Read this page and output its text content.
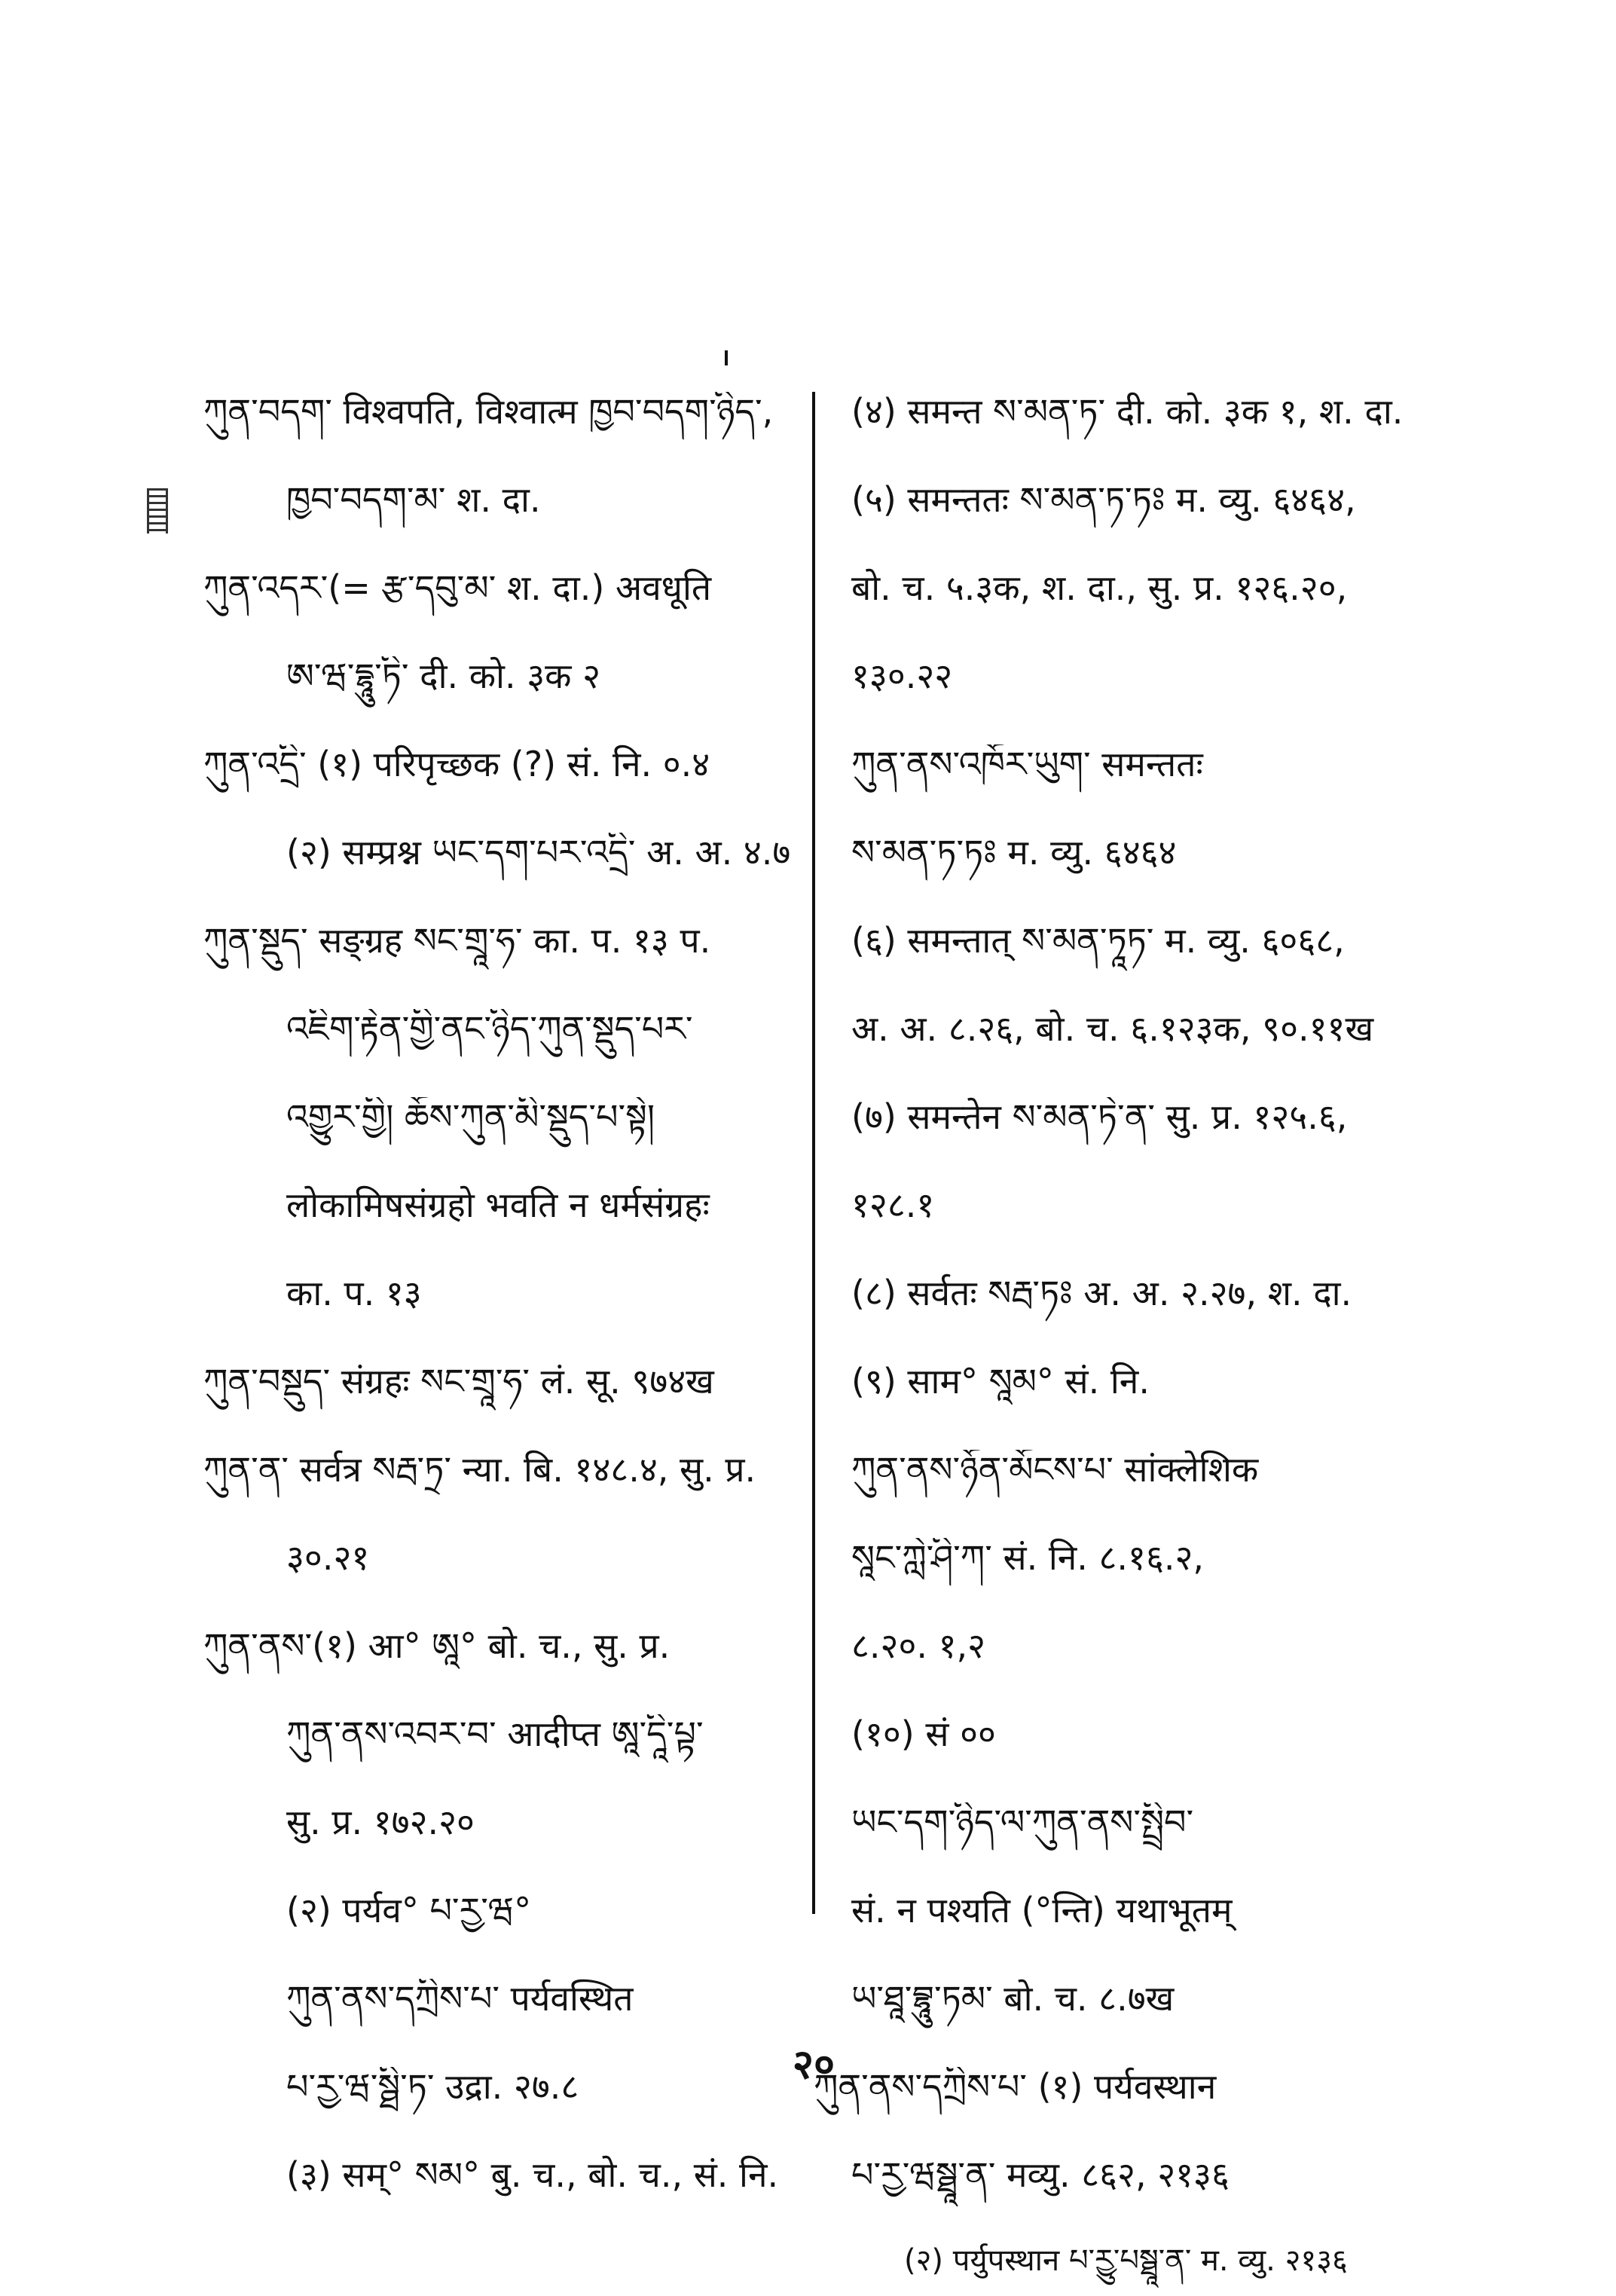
ཀུན་བདག་ विश्वपति, विश्वात्म ཁྱབ་བདག་ཉིད་,
ཁྱབ་བདག་མ་ श. दा.
ཀུན་འདར་(= རྩ་དབུ་མ་ श. दा.) अवधूति
ཨ་ཝ་དྷཱུ་ཏི་ दी. को. ३क २
ཀུན་འདྲི་ (१) परिपृच्छक (?) सं. नि. ०.४
(२) सम्प्रश्न ཡང་དག་པར་འདྲི་ अ. अ. ४.७
ཀུན་སྡུད་ सङ्ग्रह སང་གྲཱ་ཧ་ का. प. १३ प.
འཇིག་རྟེན་གྱི་ནང་ཉིད་ཀུན་སྡུད་པར་
འགྱུར་གྱི། ཆོས་ཀུན་མི་སྡུད་པ་སྟེ།
लोकामिषसंग्रहो भवति न धर्मसंग्रहः
का. प. १३
ཀུན་བསྡུད་ संग्रहः སང་གྲཱ་ཧ་ लं. सू. ९७४ख
ཀུན་ན་ सर्वत्र སརྦ་ཏྲ་ न्या. बि. १४८.४, सु. प्र.
३०.२१
ཀུན་ནས་(१) आ° ཨཱ° बो. च., सु. प्र.
ཀུན་ནས་འབར་བ་ आदीप्त ཨཱ་དཱི་པྟ་
सु. प्र. १७२.२०
(२) पर्यव° པ་རྱ་ཝ°
ཀུན་ནས་དཀྲིས་པ་ पर्यवस्थित
པ་རྱ་ཝ་སྠི་ཏ་ उद्रा. २७.८
(३) सम्° སམ° बु. च., बो. च., सं. नि.
(४) समन्त ས་མན་ཏ་ दी. को. ३क १, श. दा.
(५) समन्ततः ས་མན་ཏ་ཏཿ म. व्यु. ६४६४,
बो. च. ५.३क, श. दा., सु. प्र. १२६.२०,
१३०.२२
ཀུན་ནས་འཁོར་ཡུག་ समन्ततः
ས་མན་ཏ་ཏཿ म. व्यु. ६४६४
(६) समन्तात् ས་མན་ཏཱཏ་ म. व्यु. ६०६८,
अ. अ. ८.२६, बो. च. ६.१२३क, ९०.११ख
(७) समन्तेन ས་མན་ཏེ་ན་ सु. प्र. १२५.६,
१२८.१
(८) सर्वतः སརྦ་ཏཿ अ. अ. २.२७, श. दा.
(९) साम° སཱམ° सं. नि.
ཀུན་ནས་ཉོན་མོངས་པ་ सांक्लेशिक
སཱང་ཀླེ་ཤི་ཀ་ सं. नि. ८.१६.२,
८.२०. १,२
(१०) सं ००
ཡང་དག་ཉིད་ལ་ཀུན་ནས་སྤྲིབ་
सं. न पश्यति (°न्ति) यथाभूतम्
ཡ་ཐཱ་བྷཱུ་ཏམ་ बो. च. ८.७ख
ཀུན་ནས་དཀྲིས་པ་ (१) पर्यवस्थान
པ་རྱ་ཝསྠཱ་ན་ मव्यु. ८६२, २१३६
(२) पर्युपस्थान པ་རྱུ་པསྠཱ་ན་ म. व्यु. २१३६
२०
